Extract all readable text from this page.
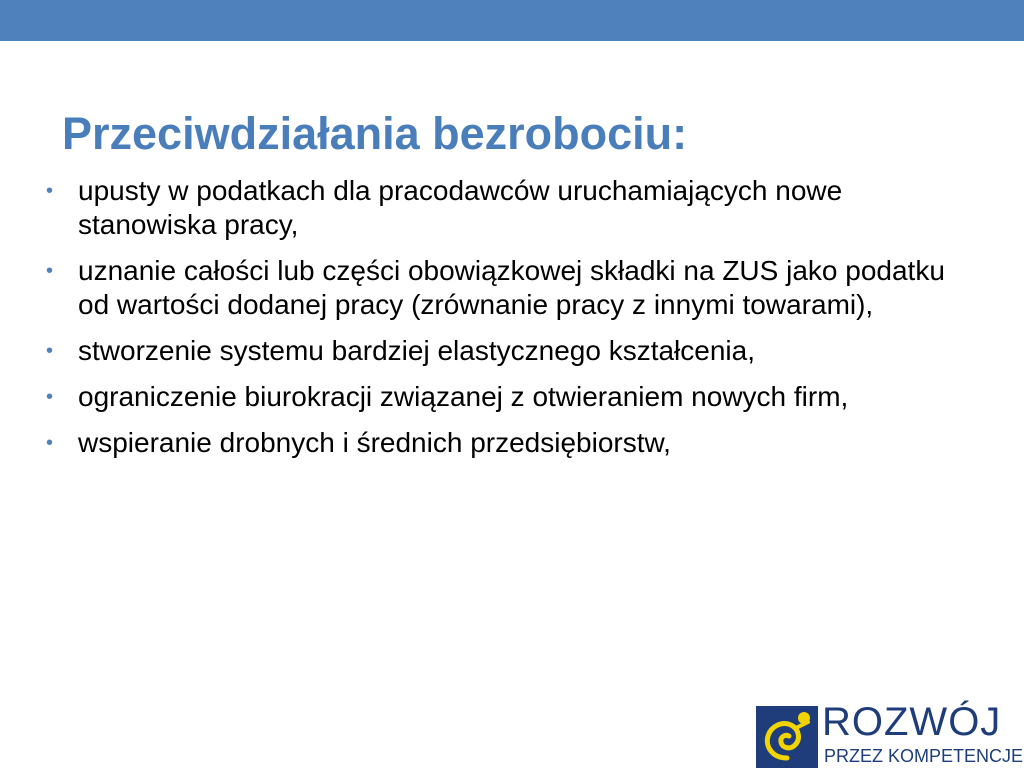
Przeciwdziałania bezrobociu:
• upusty w podatkach dla pracodawców uruchamiających nowe stanowiska pracy,
• uznanie całości lub części obowiązkowej składki na ZUS jako podatku od wartości dodanej pracy (zrównanie pracy z innymi towarami),
• stworzenie systemu bardziej elastycznego kształcenia,
• ograniczenie biurokracji związanej z otwieraniem nowych firm,
• wspieranie drobnych i średnich przedsiębiorstw,
ROZWÓJ
PRZEZ KOMPETENCJE
